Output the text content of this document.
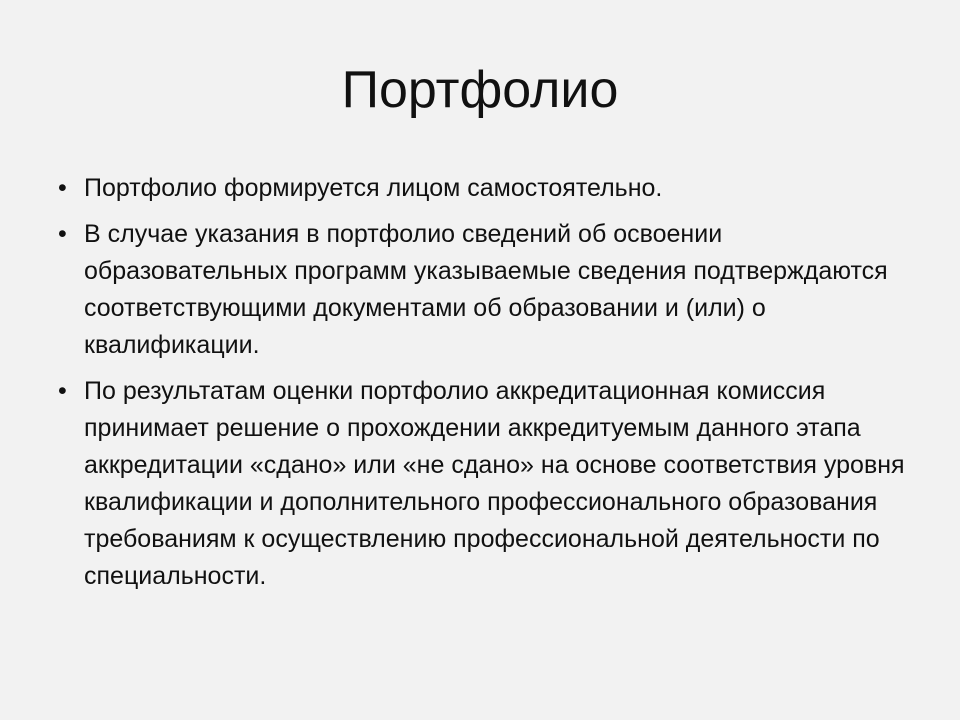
Портфолио
• Портфолио формируется лицом самостоятельно.
• В случае указания в портфолио сведений об освоении образовательных программ указываемые сведения подтверждаются соответствующими документами об образовании и (или) о квалификации.
• По результатам оценки портфолио аккредитационная комиссия принимает решение о прохождении аккредитуемым данного этапа аккредитации «сдано» или «не сдано» на основе соответствия уровня квалификации и дополнительного профессионального образования требованиям к осуществлению профессиональной деятельности по специальности.
